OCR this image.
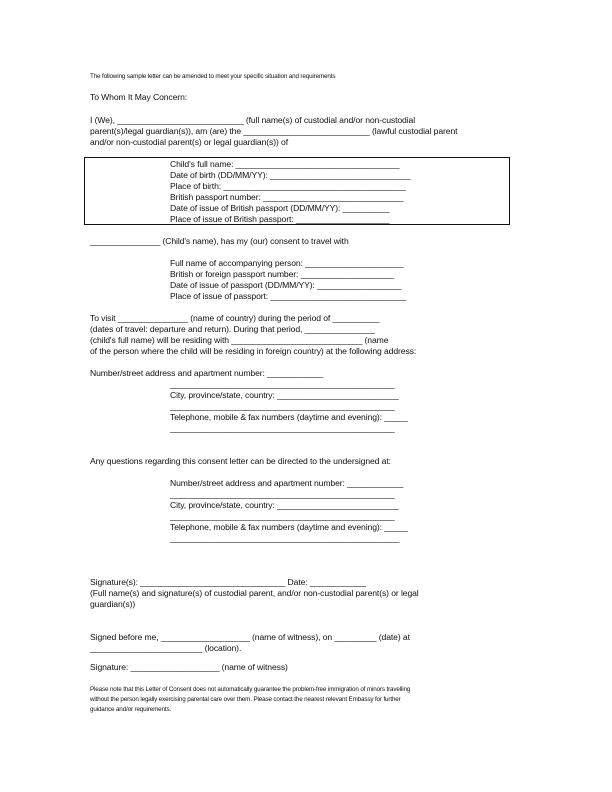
The following sample letter can be amended to meet your specific situation and requirements
To Whom It May Concern:
I (We), ___________________________ (full name(s) of custodial and/or non-custodial
parent(s)/legal guardian(s)), am (are) the ___________________________ (lawful custodial parent
and/or non-custodial parent(s) or legal guardian(s)) of
Child's full name: ___________________________________
Date of birth (DD/MM/YY): ______________________________
Place of birth: _______________________________________
British passport number: ______________________________
Date of issue of British passport (DD/MM/YY): __________
Place of issue of British passport: ____________________
_______________ (Child's name), has my (our) consent to travel with
Full name of accompanying person: _____________________
British or foreign passport number: ____________________
Date of issue of passport (DD/MM/YY): __________________
Place of issue of passport: _____________________________
To visit _______________ (name of country) during the period of __________
(dates of travel: departure and return). During that period, _______________
(child's full name) will be residing with ____________________________ (name
of the person where the child will be residing in foreign country) at the following address:
Number/street address and apartment number: ____________
________________________________________________
City, province/state, country: __________________________
________________________________________________
Telephone, mobile & fax numbers (daytime and evening): _____
________________________________________________
Any questions regarding this consent letter can be directed to the undersigned at:
Number/street address and apartment number: ____________
________________________________________________
City, province/state, country: __________________________
________________________________________________
Telephone, mobile & fax numbers (daytime and evening): _____
_________________________________________________
Signature(s): _______________________________ Date: ____________
(Full name(s) and signature(s) of custodial parent, and/or non-custodial parent(s) or legal
guardian(s))
Signed before me, ___________________ (name of witness), on _________ (date) at
________________________ (location).
Signature: ___________________ (name of witness)
Please note that this Letter of Consent does not automatically guarantee the problem-free immigration of minors travelling
without the person legally exercising parental care over them. Please contact the nearest relevant Embassy for further
guidance and/or requirements.
